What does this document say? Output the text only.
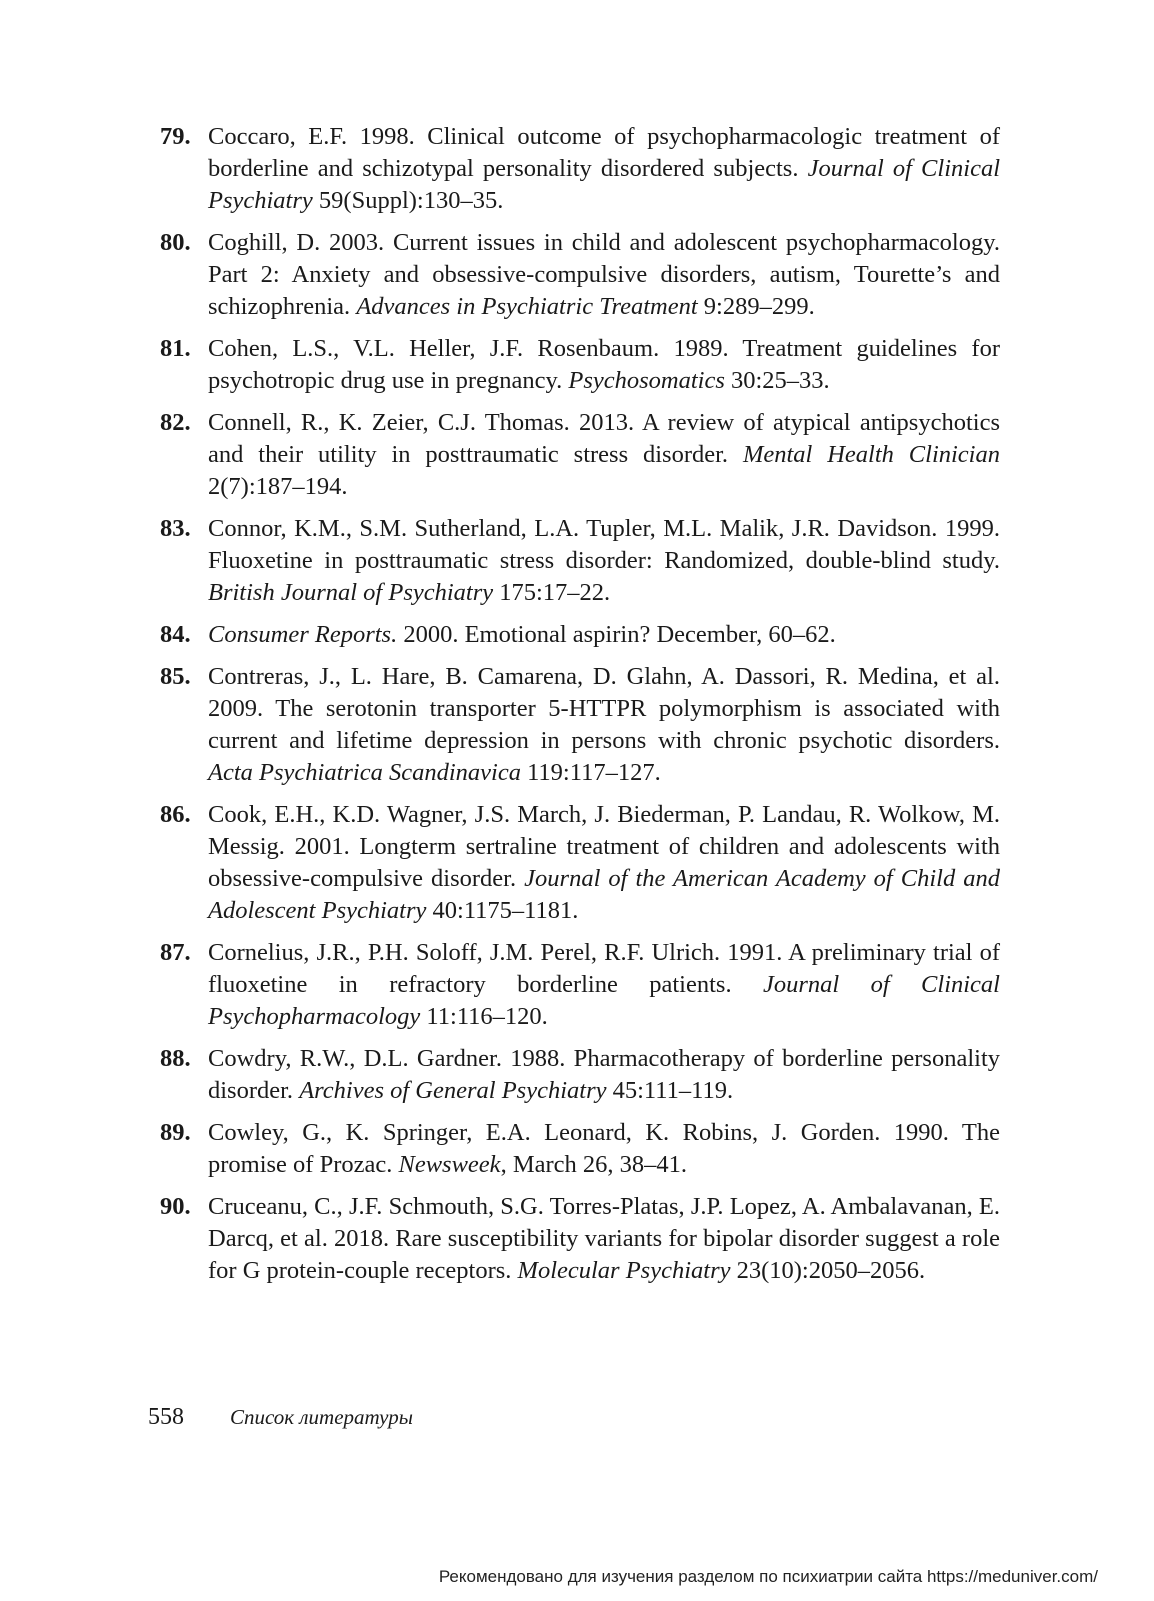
79. Coccaro, E.F. 1998. Clinical outcome of psychopharmacologic treatment of borderline and schizotypal personality disordered subjects. Journal of Clinical Psychiatry 59(Suppl):130–35.
80. Coghill, D. 2003. Current issues in child and adolescent psychopharmacology. Part 2: Anxiety and obsessive-compulsive disorders, autism, Tourette’s and schizophrenia. Advances in Psychiatric Treatment 9:289–299.
81. Cohen, L.S., V.L. Heller, J.F. Rosenbaum. 1989. Treatment guidelines for psychotropic drug use in pregnancy. Psychosomatics 30:25–33.
82. Connell, R., K. Zeier, C.J. Thomas. 2013. A review of atypical antipsychotics and their utility in posttraumatic stress disorder. Mental Health Clinician 2(7):187–194.
83. Connor, K.M., S.M. Sutherland, L.A. Tupler, M.L. Malik, J.R. Davidson. 1999. Fluoxetine in posttraumatic stress disorder: Randomized, double-blind study. British Journal of Psychiatry 175:17–22.
84. Consumer Reports. 2000. Emotional aspirin? December, 60–62.
85. Contreras, J., L. Hare, B. Camarena, D. Glahn, A. Dassori, R. Medina, et al. 2009. The serotonin transporter 5-HTTPR polymorphism is associated with current and lifetime depression in persons with chronic psychotic disorders. Acta Psychiatrica Scandinavica 119:117–127.
86. Cook, E.H., K.D. Wagner, J.S. March, J. Biederman, P. Landau, R. Wolkow, M. Messig. 2001. Longterm sertraline treatment of children and adolescents with obsessive-compulsive disorder. Journal of the American Academy of Child and Adolescent Psychiatry 40:1175–1181.
87. Cornelius, J.R., P.H. Soloff, J.M. Perel, R.F. Ulrich. 1991. A preliminary trial of fluoxetine in refractory borderline patients. Journal of Clinical Psychopharmacology 11:116–120.
88. Cowdry, R.W., D.L. Gardner. 1988. Pharmacotherapy of borderline personality disorder. Archives of General Psychiatry 45:111–119.
89. Cowley, G., K. Springer, E.A. Leonard, K. Robins, J. Gorden. 1990. The promise of Prozac. Newsweek, March 26, 38–41.
90. Cruceanu, C., J.F. Schmouth, S.G. Torres-Platas, J.P. Lopez, A. Ambalavanan, E. Darcq, et al. 2018. Rare susceptibility variants for bipolar disorder suggest a role for G protein-couple receptors. Molecular Psychiatry 23(10):2050–2056.
558 Список литературы
Рекомендовано для изучения разделом по психиатрии сайта https://meduniver.com/
